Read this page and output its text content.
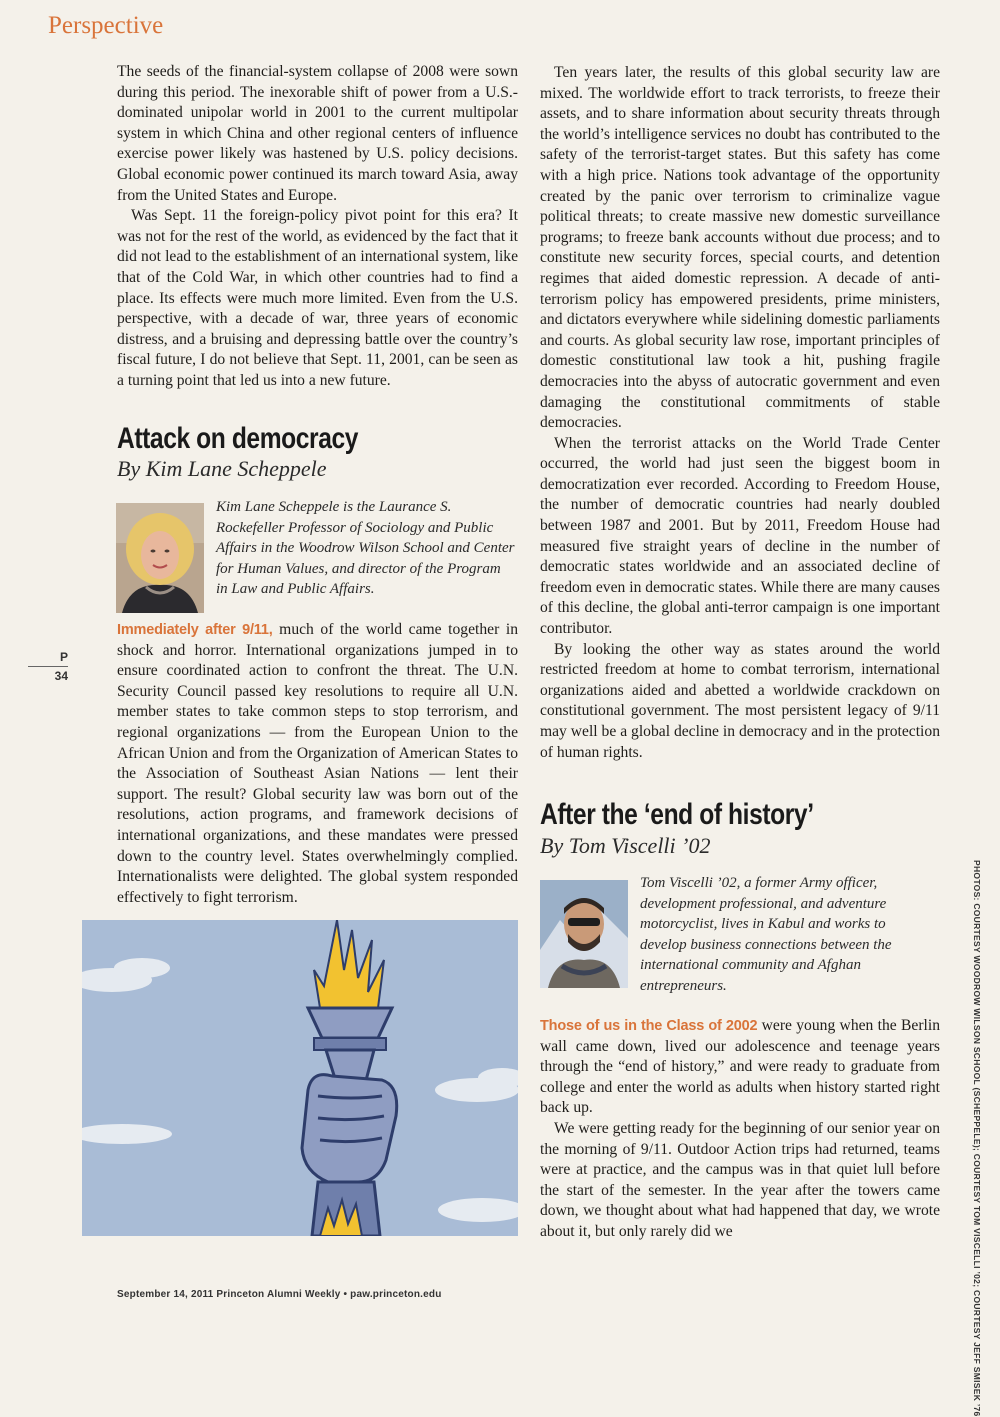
Perspective
P
34

The seeds of the financial-system collapse of 2008 were sown during this period. The inexorable shift of power from a U.S.-dominated unipolar world in 2001 to the current multipolar system in which China and other regional centers of influence exercise power likely was hastened by U.S. policy decisions. Global economic power continued its march toward Asia, away from the United States and Europe.

Was Sept. 11 the foreign-policy pivot point for this era? It was not for the rest of the world, as evidenced by the fact that it did not lead to the establishment of an international system, like that of the Cold War, in which other countries had to find a place. Its effects were much more limited. Even from the U.S. perspective, with a decade of war, three years of economic distress, and a bruising and depressing battle over the country’s fiscal future, I do not believe that Sept. 11, 2001, can be seen as a turning point that led us into a new future.

Attack on democracy
By Kim Lane Scheppele
Kim Lane Scheppele is the Laurance S. Rockefeller Professor of Sociology and Public Affairs in the Woodrow Wilson School and Center for Human Values, and director of the Program in Law and Public Affairs.

Immediately after 9/11, much of the world came together in shock and horror. International organizations jumped in to ensure coordinated action to confront the threat. The U.N. Security Council passed key resolutions to require all U.N. member states to take common steps to stop terrorism, and regional organizations — from the European Union to the African Union and from the Organization of American States to the Association of Southeast Asian Nations — lent their support. The result? Global security law was born out of the resolutions, action programs, and framework decisions of international organizations, and these mandates were pressed down to the country level. States overwhelmingly complied. Internationalists were delighted. The global system responded effectively to fight terrorism.

Ten years later, the results of this global security law are mixed. The worldwide effort to track terrorists, to freeze their assets, and to share information about security threats through the world’s intelligence services no doubt has contributed to the safety of the terrorist-target states. But this safety has come with a high price. Nations took advantage of the opportunity created by the panic over terrorism to criminalize vague political threats; to create massive new domestic surveillance programs; to freeze bank accounts without due process; and to constitute new security forces, special courts, and detention regimes that aided domestic repression. A decade of anti-terrorism policy has empowered presidents, prime ministers, and dictators everywhere while sidelining domestic parliaments and courts. As global security law rose, important principles of domestic constitutional law took a hit, pushing fragile democracies into the abyss of autocratic government and even damaging the constitutional commitments of stable democracies.

When the terrorist attacks on the World Trade Center occurred, the world had just seen the biggest boom in democratization ever recorded. According to Freedom House, the number of democratic countries had nearly doubled between 1987 and 2001. But by 2011, Freedom House had measured five straight years of decline in the number of democratic states worldwide and an associated decline of freedom even in democratic states. While there are many causes of this decline, the global anti-terror campaign is one important contributor.

By looking the other way as states around the world restricted freedom at home to combat terrorism, international organizations aided and abetted a worldwide crackdown on constitutional government. The most persistent legacy of 9/11 may well be a global decline in democracy and in the protection of human rights.

After the ‘end of history’
By Tom Viscelli ’02
Tom Viscelli ’02, a former Army officer, development professional, and adventure motorcyclist, lives in Kabul and works to develop business connections between the international community and Afghan entrepreneurs.

Those of us in the Class of 2002 were young when the Berlin wall came down, lived our adolescence and teenage years through the “end of history,” and were ready to graduate from college and enter the world as adults when history started right back up.

We were getting ready for the beginning of our senior year on the morning of 9/11. Outdoor Action trips had returned, teams were at practice, and the campus was in that quiet lull before the start of the semester. In the year after the towers came down, we thought about what had happened that day, we wrote about it, but only rarely did we	PHOTOS: COURTESY WOODROW WILSON SCHOOL (SCHEPPELE); COURTESY TOM VISCELLI ’02; COURTESY JEFF SMISEK ’76
September 14, 2011 Princeton Alumni Weekly • paw.princeton.edu
